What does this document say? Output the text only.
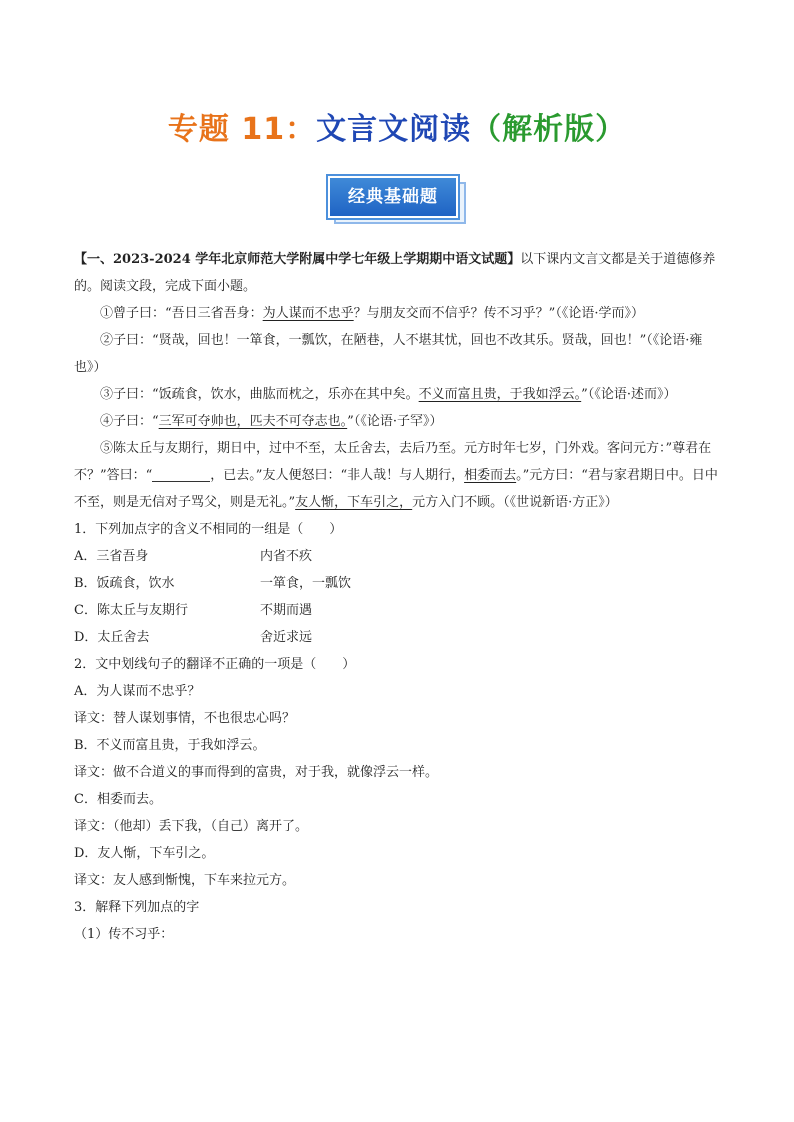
专题 11：文言文阅读（解析版）
经典基础题

【一、2023-2024 学年北京师范大学附属中学七年级上学期期中语文试题】以下课内文言文都是关于道德修养的。阅读文段，完成下面小题。

①曾子曰：“吾日三省吾身：为人谋而不忠乎？与朋友交而不信乎？传不习乎？”（《论语·学而》）

②子曰：“贤哉，回也！一箪食，一瓢饮，在陋巷，人不堪其忧，回也不改其乐。贤哉，回也！”（《论语·雍也》）

③子曰：“饭疏食，饮水，曲肱而枕之，乐亦在其中矣。不义而富且贵，于我如浮云。”（《论语·述而》）

④子曰：“三军可夺帅也，匹夫不可夺志也。”（《论语·子罕》）

⑤陈太丘与友期行，期日中，过中不至，太丘舍去，去后乃至。元方时年七岁，门外戏。客问元方：”尊君在不？”答曰：“	，已去。”友人便怒曰：“非人哉！与人期行，相委而去。”元方曰：“君与家君期日中。日中不至，则是无信对子骂父，则是无礼。”友人惭，下车引之，元方入门不顾。（《世说新语·方正》）

1．下列加点字的含义不相同的一组是（　　）

A．三省吾身	内省不疚
B．饭疏食，饮水	一箪食，一瓢饮
C．陈太丘与友期行	不期而遇
D．太丘舍去	舍近求远

2．文中划线句子的翻译不正确的一项是（　　）

A．为人谋而不忠乎？

译文：替人谋划事情，不也很忠心吗？

B．不义而富且贵，于我如浮云。

译文：做不合道义的事而得到的富贵，对于我，就像浮云一样。

C．相委而去。

译文：（他却）丢下我，（自己）离开了。

D．友人惭，下车引之。

译文：友人感到惭愧，下车来拉元方。

3．解释下列加点的字

（1）传不习乎：
